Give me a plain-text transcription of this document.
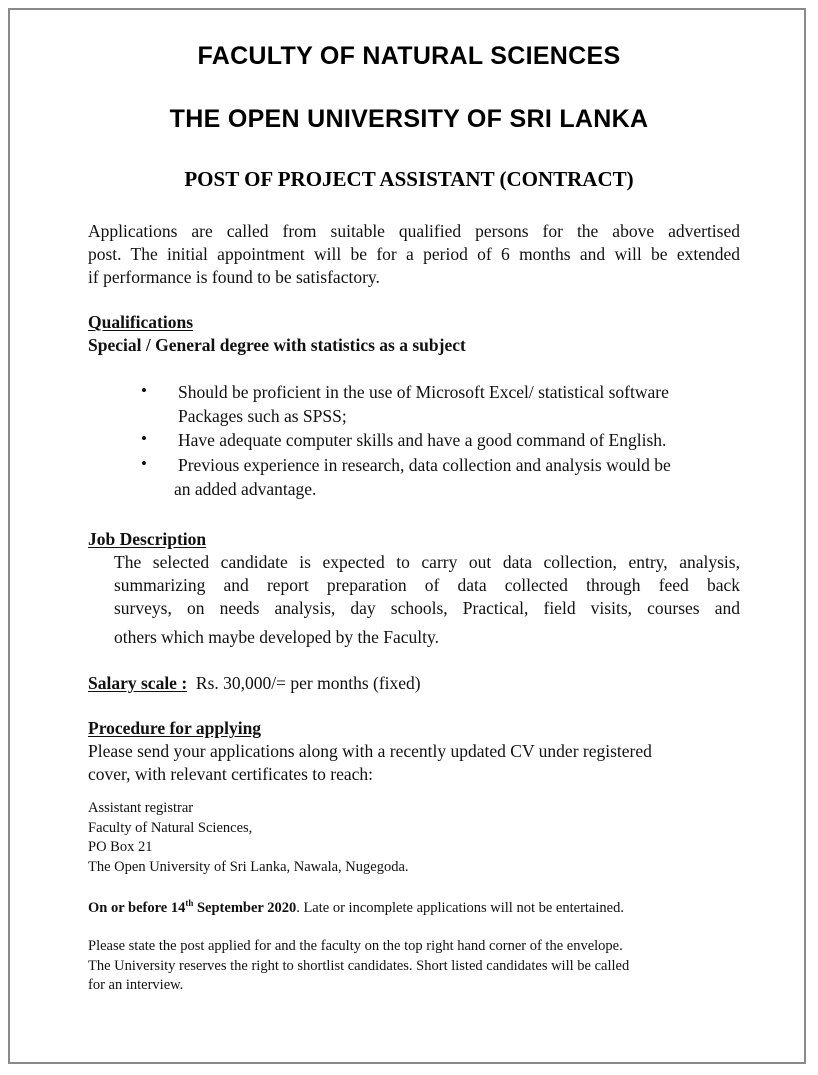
FACULTY OF NATURAL SCIENCES
THE OPEN UNIVERSITY OF SRI LANKA
POST OF PROJECT ASSISTANT (CONTRACT)
Applications are called from suitable qualified persons for the above advertised
post. The initial appointment will be for a period of 6 months and will be extended
if performance is found to be satisfactory.
Qualifications
Special / General degree with statistics as a subject
• Should be proficient in the use of Microsoft Excel/ statistical software
Packages such as SPSS;
• Have adequate computer skills and have a good command of English.
• Previous experience in research, data collection and analysis would be
an added advantage.
Job Description
The selected candidate is expected to carry out data collection, entry, analysis,
summarizing and report preparation of data collected through feed back
surveys, on needs analysis, day schools, Practical, field visits, courses and
others which maybe developed by the Faculty.
Salary scale : Rs. 30,000/= per months (fixed)
Procedure for applying
Please send your applications along with a recently updated CV under registered
cover, with relevant certificates to reach:
Assistant registrar
Faculty of Natural Sciences,
PO Box 21
The Open University of Sri Lanka, Nawala, Nugegoda.
On or before 14th September 2020. Late or incomplete applications will not be entertained.
Please state the post applied for and the faculty on the top right hand corner of the envelope.
The University reserves the right to shortlist candidates. Short listed candidates will be called
for an interview.
